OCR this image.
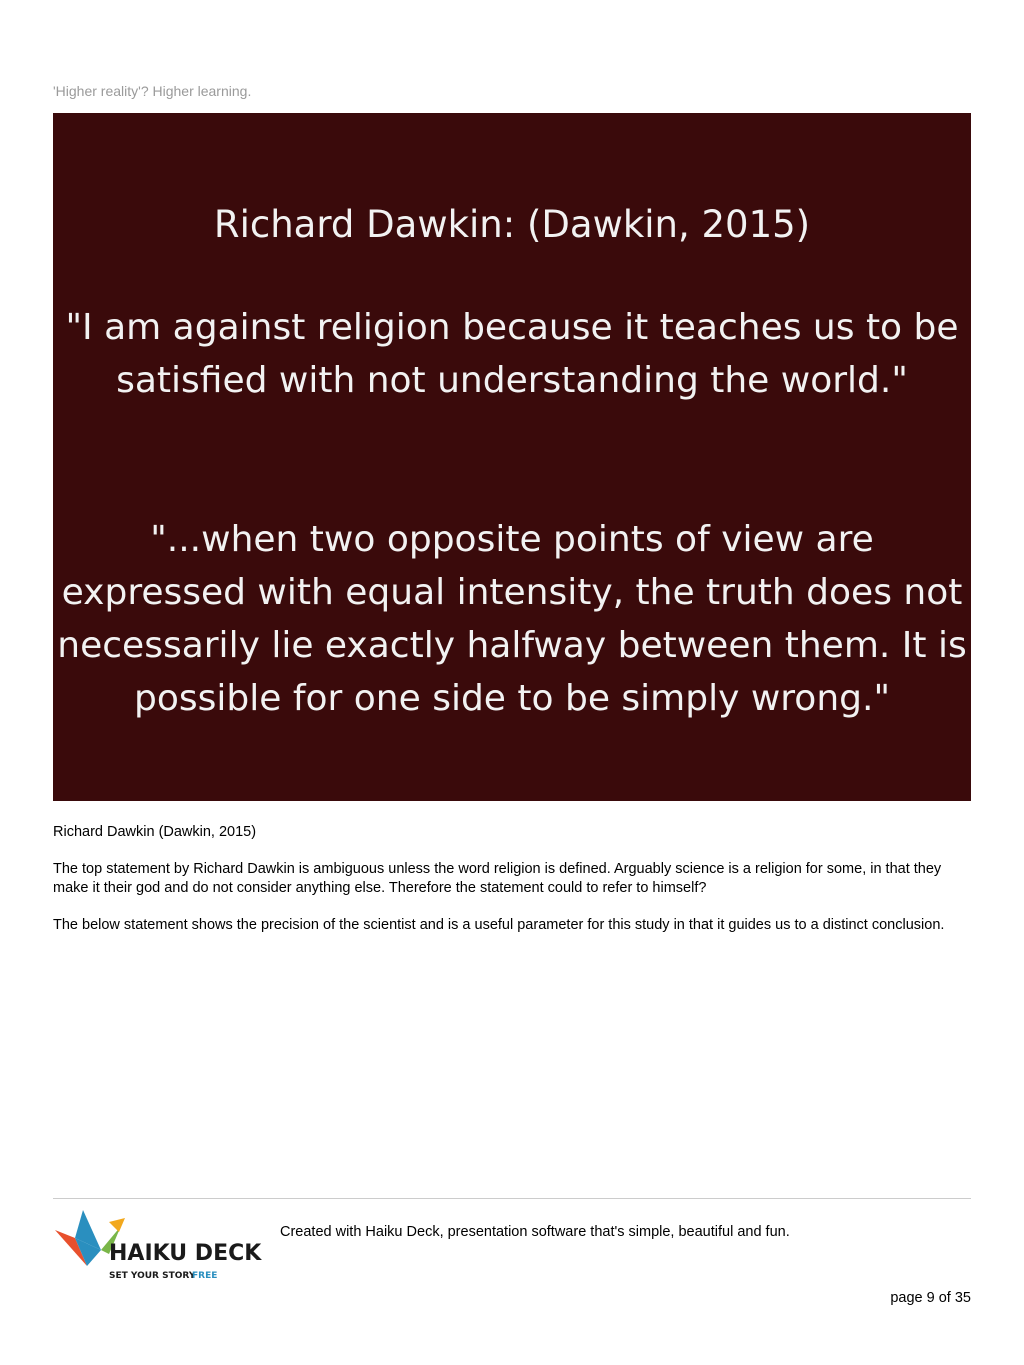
'Higher reality'? Higher learning.
Richard Dawkin: (Dawkin, 2015)
"I am against religion because it teaches us to be satisfied with not understanding the world."
"...when two opposite points of view are expressed with equal intensity, the truth does not necessarily lie exactly halfway between them. It is possible for one side to be simply wrong."

Richard Dawkin (Dawkin, 2015)

The top statement by Richard Dawkin is ambiguous unless the word religion is defined. Arguably science is a religion for some, in that they make it their god and do not consider anything else. Therefore the statement could to refer to himself?

The below statement shows the precision of the scientist and is a useful parameter for this study in that it guides us to a distinct conclusion.

HAIKU DECK
SET YOUR STORY
FREE
Created with Haiku Deck, presentation software that's simple, beautiful and fun.
page 9 of 35
